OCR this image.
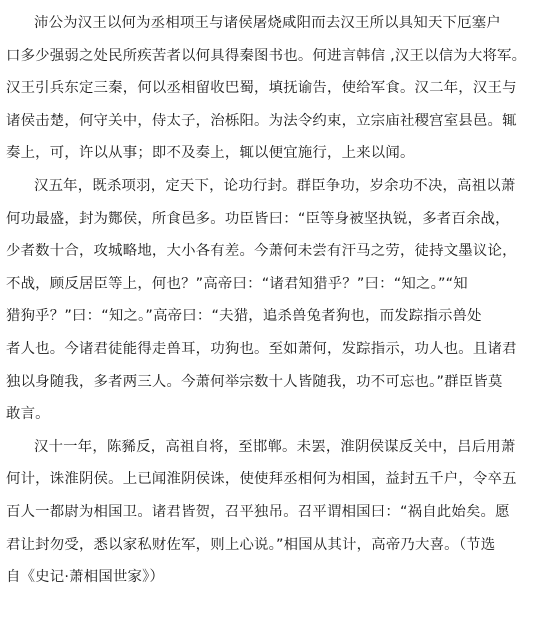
沛公为汉王以何为丞相项王与诸侯屠烧咸阳而去汉王所以具知天下厄塞户
口多少强弱之处民所疾苦者以何具得秦图书也。何进言韩信 ,汉王以信为大将军。
汉王引兵东定三秦，何以丞相留收巴蜀，填抚谕告，使给军食。汉二年，汉王与
诸侯击楚，何守关中，侍太子，治栎阳。为法令约束，立宗庙社稷宫室县邑。辄
奏上，可，许以从事；即不及奏上，辄以便宜施行，上来以闻。
汉五年，既杀项羽，定天下，论功行封。群臣争功，岁余功不决，高祖以萧
何功最盛，封为酂侯，所食邑多。功臣皆曰：“臣等身被坚执锐，多者百余战，
少者数十合，攻城略地，大小各有差。今萧何未尝有汗马之劳，徒持文墨议论，
不战，顾反居臣等上，何也？”高帝曰：“诸君知猎乎？”曰：“知之。”“知
猎狗乎？”曰：“知之。”高帝曰：“夫猎，追杀兽兔者狗也，而发踪指示兽处
者人也。今诸君徒能得走兽耳，功狗也。至如萧何，发踪指示，功人也。且诸君
独以身随我，多者两三人。今萧何举宗数十人皆随我，功不可忘也。”群臣皆莫
敢言。
汉十一年，陈豨反，高祖自将，至邯郸。未罢，淮阴侯谋反关中，吕后用萧
何计，诛淮阴侯。上已闻淮阴侯诛，使使拜丞相何为相国，益封五千户，令卒五
百人一都尉为相国卫。诸君皆贺，召平独吊。召平谓相国曰：“祸自此始矣。愿
君让封勿受，悉以家私财佐军，则上心说。”相国从其计，高帝乃大喜。（节选
自《史记·萧相国世家》）
